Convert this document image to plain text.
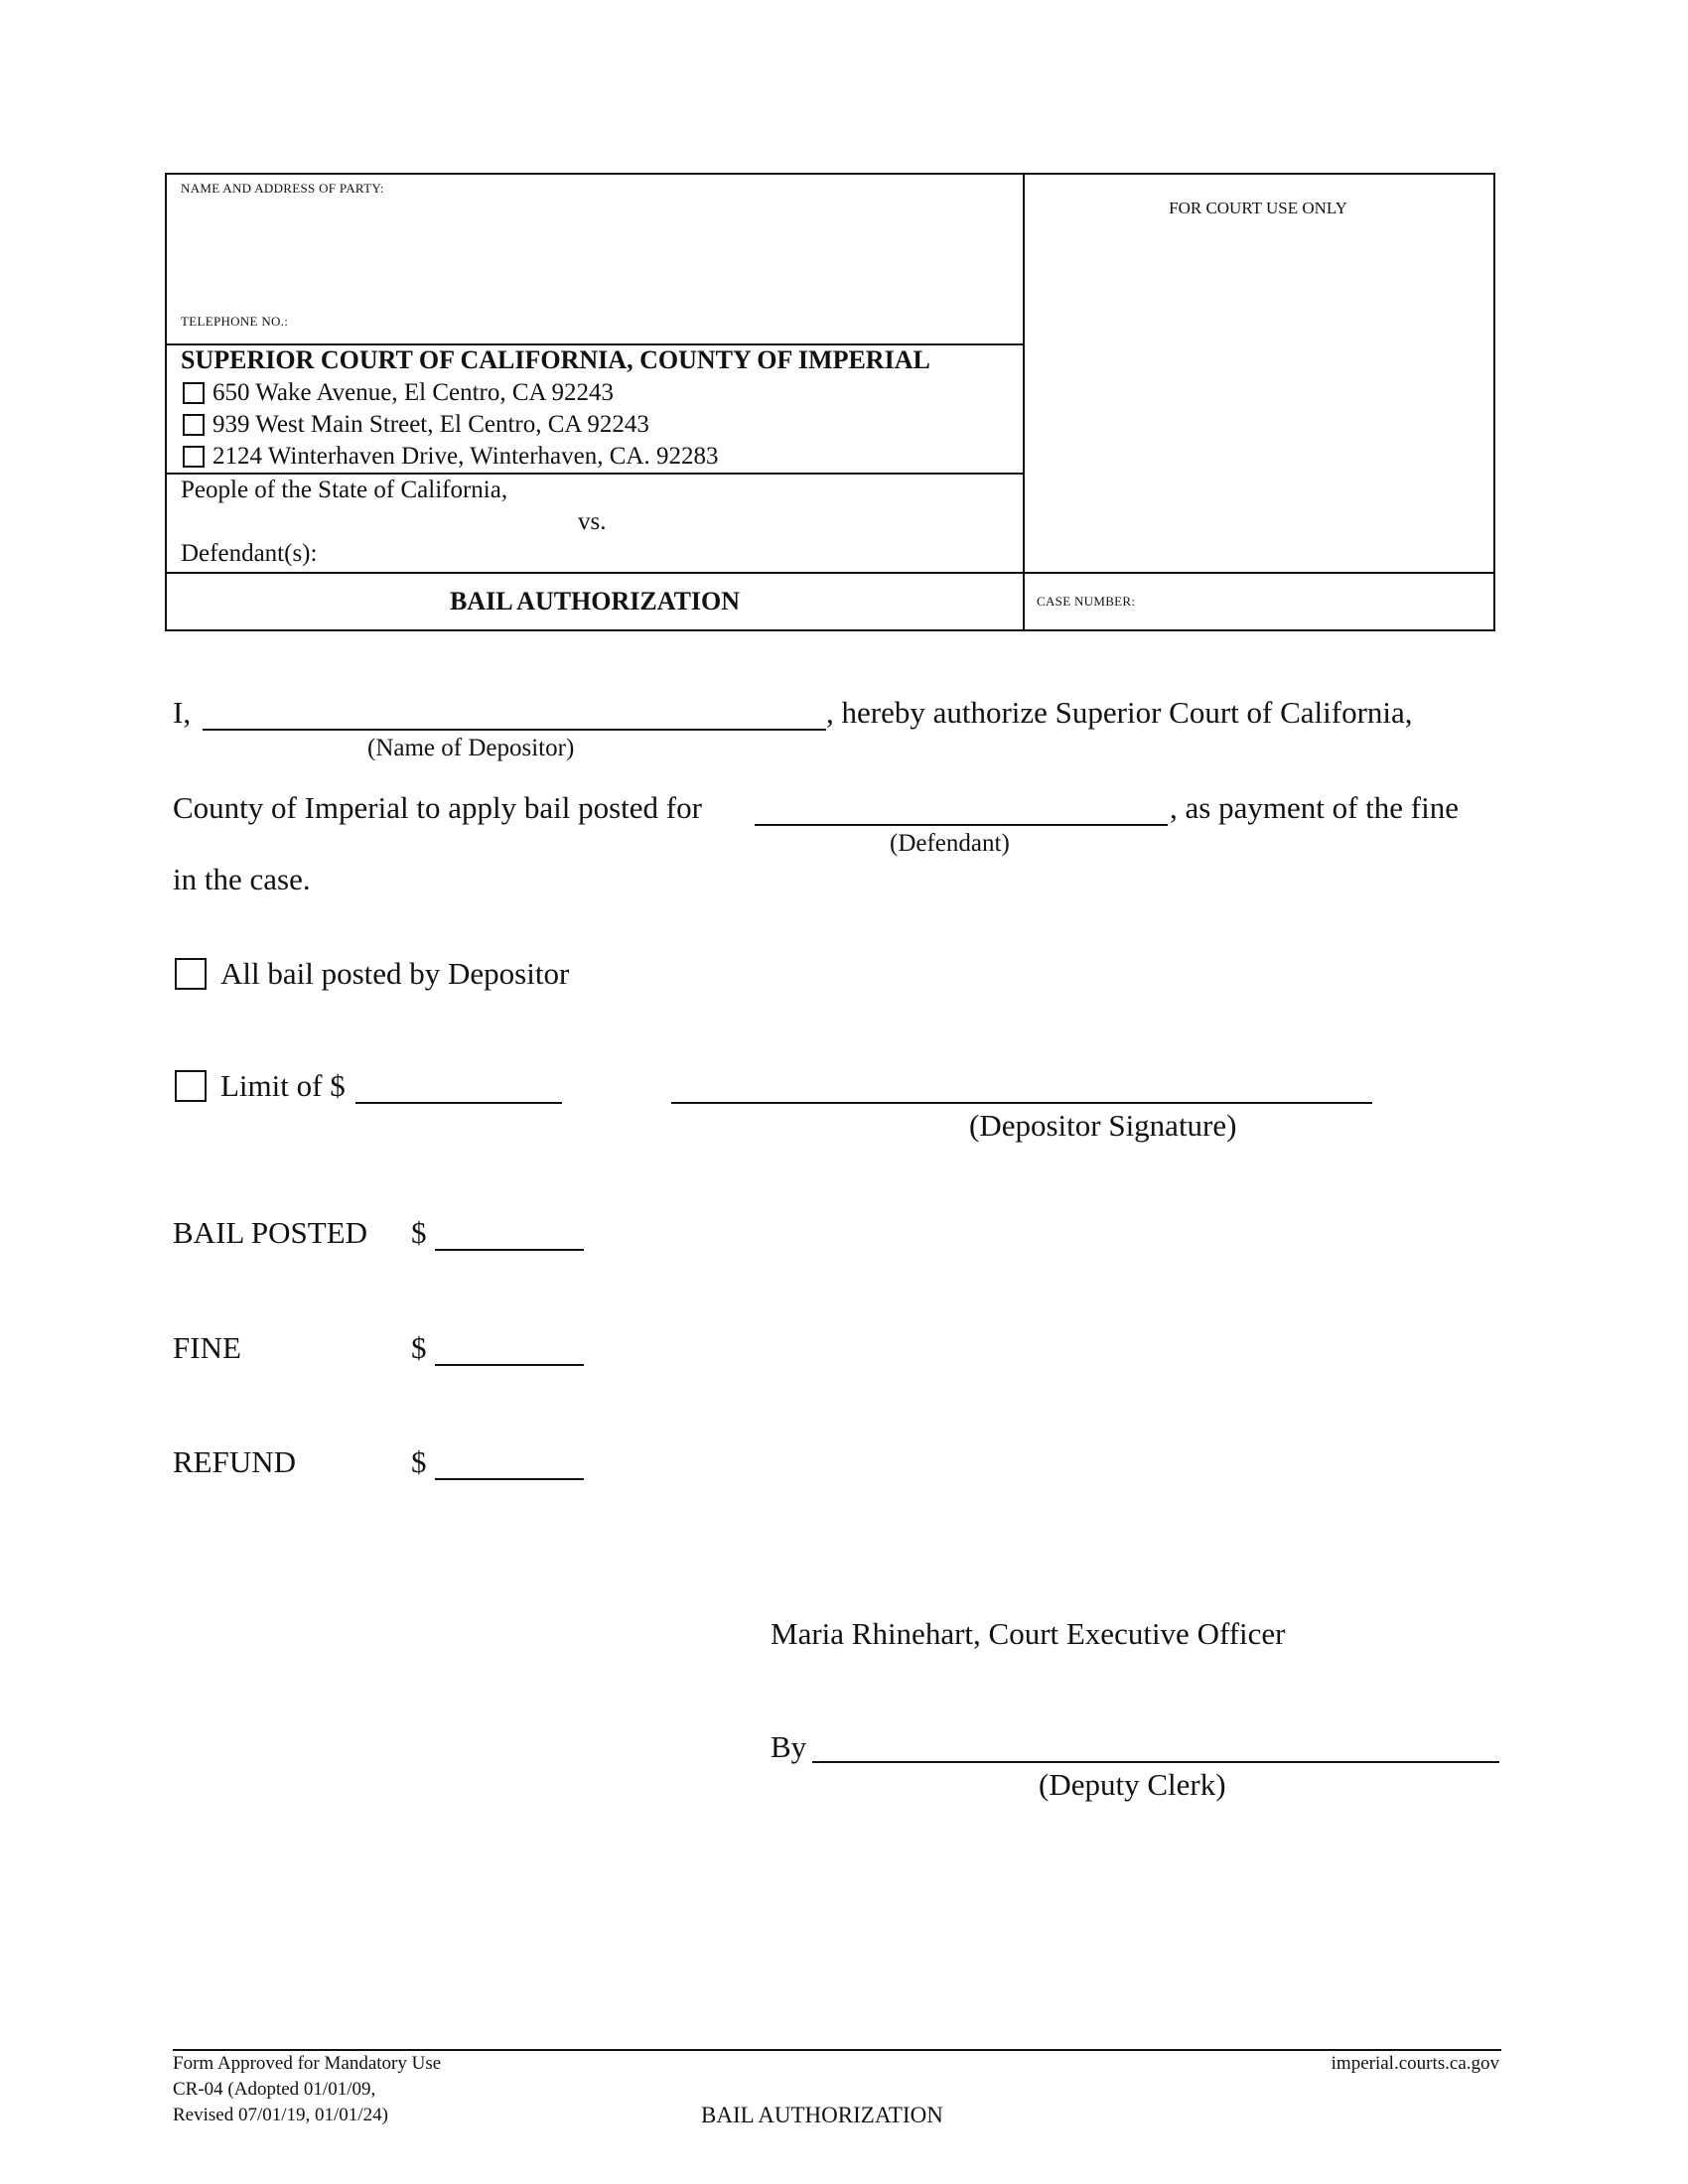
NAME AND ADDRESS OF PARTY:
TELEPHONE NO.:
FOR COURT USE ONLY
SUPERIOR COURT OF CALIFORNIA, COUNTY OF IMPERIAL
650 Wake Avenue, El Centro, CA 92243
939 West Main Street, El Centro, CA 92243
2124 Winterhaven Drive, Winterhaven, CA. 92283
People of the State of California,
vs.
Defendant(s):
BAIL AUTHORIZATION	CASE NUMBER:
I,	, hereby authorize Superior Court of California,
(Name of Depositor)
County of Imperial to apply bail posted for	, as payment of the fine
(Defendant)
in the case.
All bail posted by Depositor
Limit of $
(Depositor Signature)
BAIL POSTED $
FINE	$
REFUND	$
Maria Rhinehart, Court Executive Officer
By
(Deputy Clerk)
Form Approved for Mandatory Use
CR-04 (Adopted 01/01/09,
Revised 07/01/19, 01/01/24)	BAIL AUTHORIZATION
imperial.courts.ca.gov
